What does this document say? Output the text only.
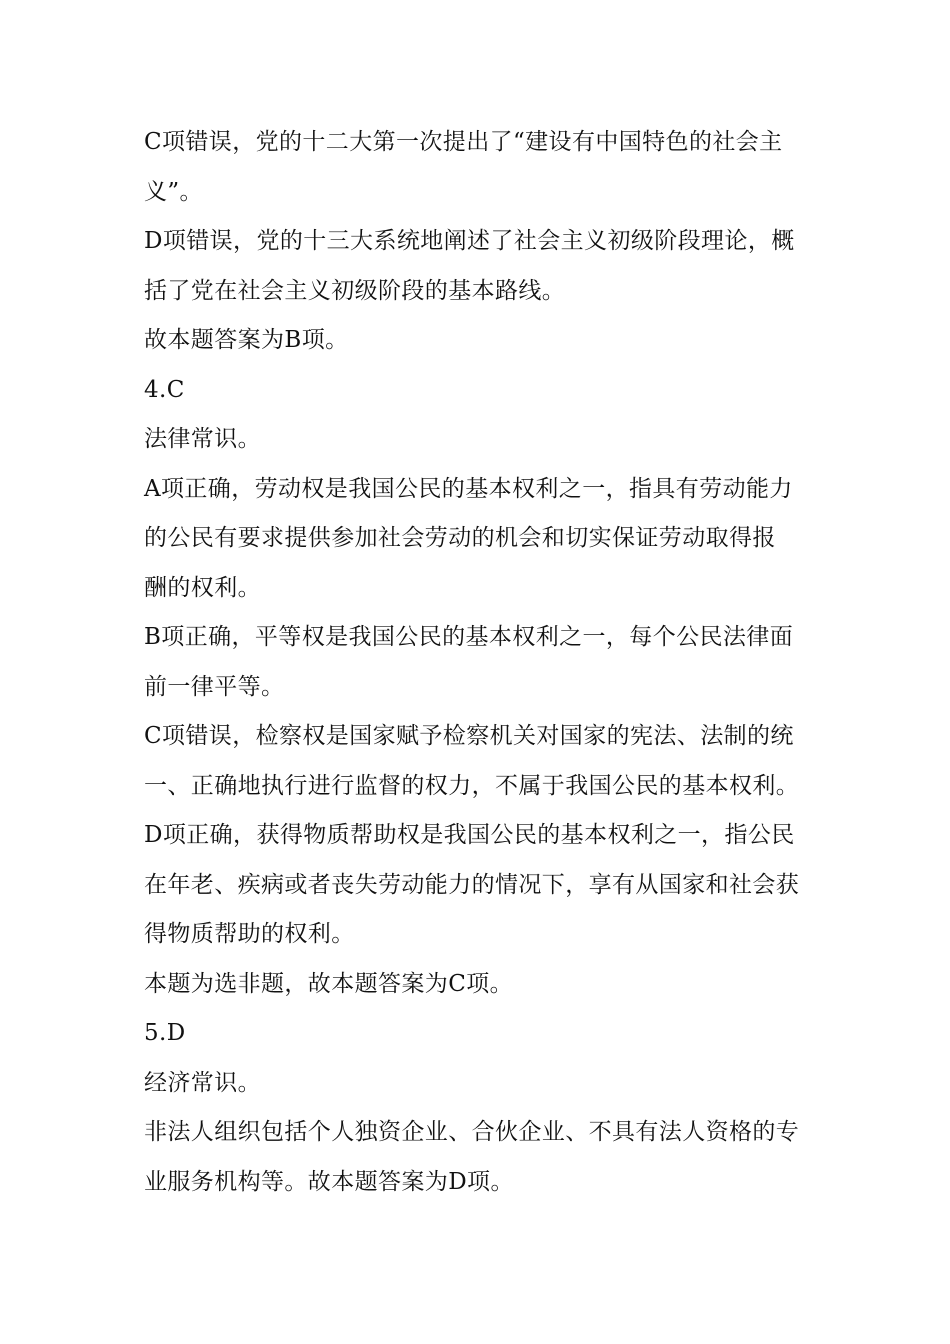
C项错误，党的十二大第一次提出了“建设有中国特色的社会主
义”。
D项错误，党的十三大系统地阐述了社会主义初级阶段理论，概
括了党在社会主义初级阶段的基本路线。
故本题答案为B项。
4.C
法律常识。
A项正确，劳动权是我国公民的基本权利之一，指具有劳动能力
的公民有要求提供参加社会劳动的机会和切实保证劳动取得报
酬的权利。
B项正确，平等权是我国公民的基本权利之一，每个公民法律面
前一律平等。
C项错误，检察权是国家赋予检察机关对国家的宪法、法制的统
一、正确地执行进行监督的权力，不属于我国公民的基本权利。
D项正确，获得物质帮助权是我国公民的基本权利之一，指公民
在年老、疾病或者丧失劳动能力的情况下，享有从国家和社会获
得物质帮助的权利。
本题为选非题，故本题答案为C项。
5.D
经济常识。
非法人组织包括个人独资企业、合伙企业、不具有法人资格的专
业服务机构等。故本题答案为D项。
